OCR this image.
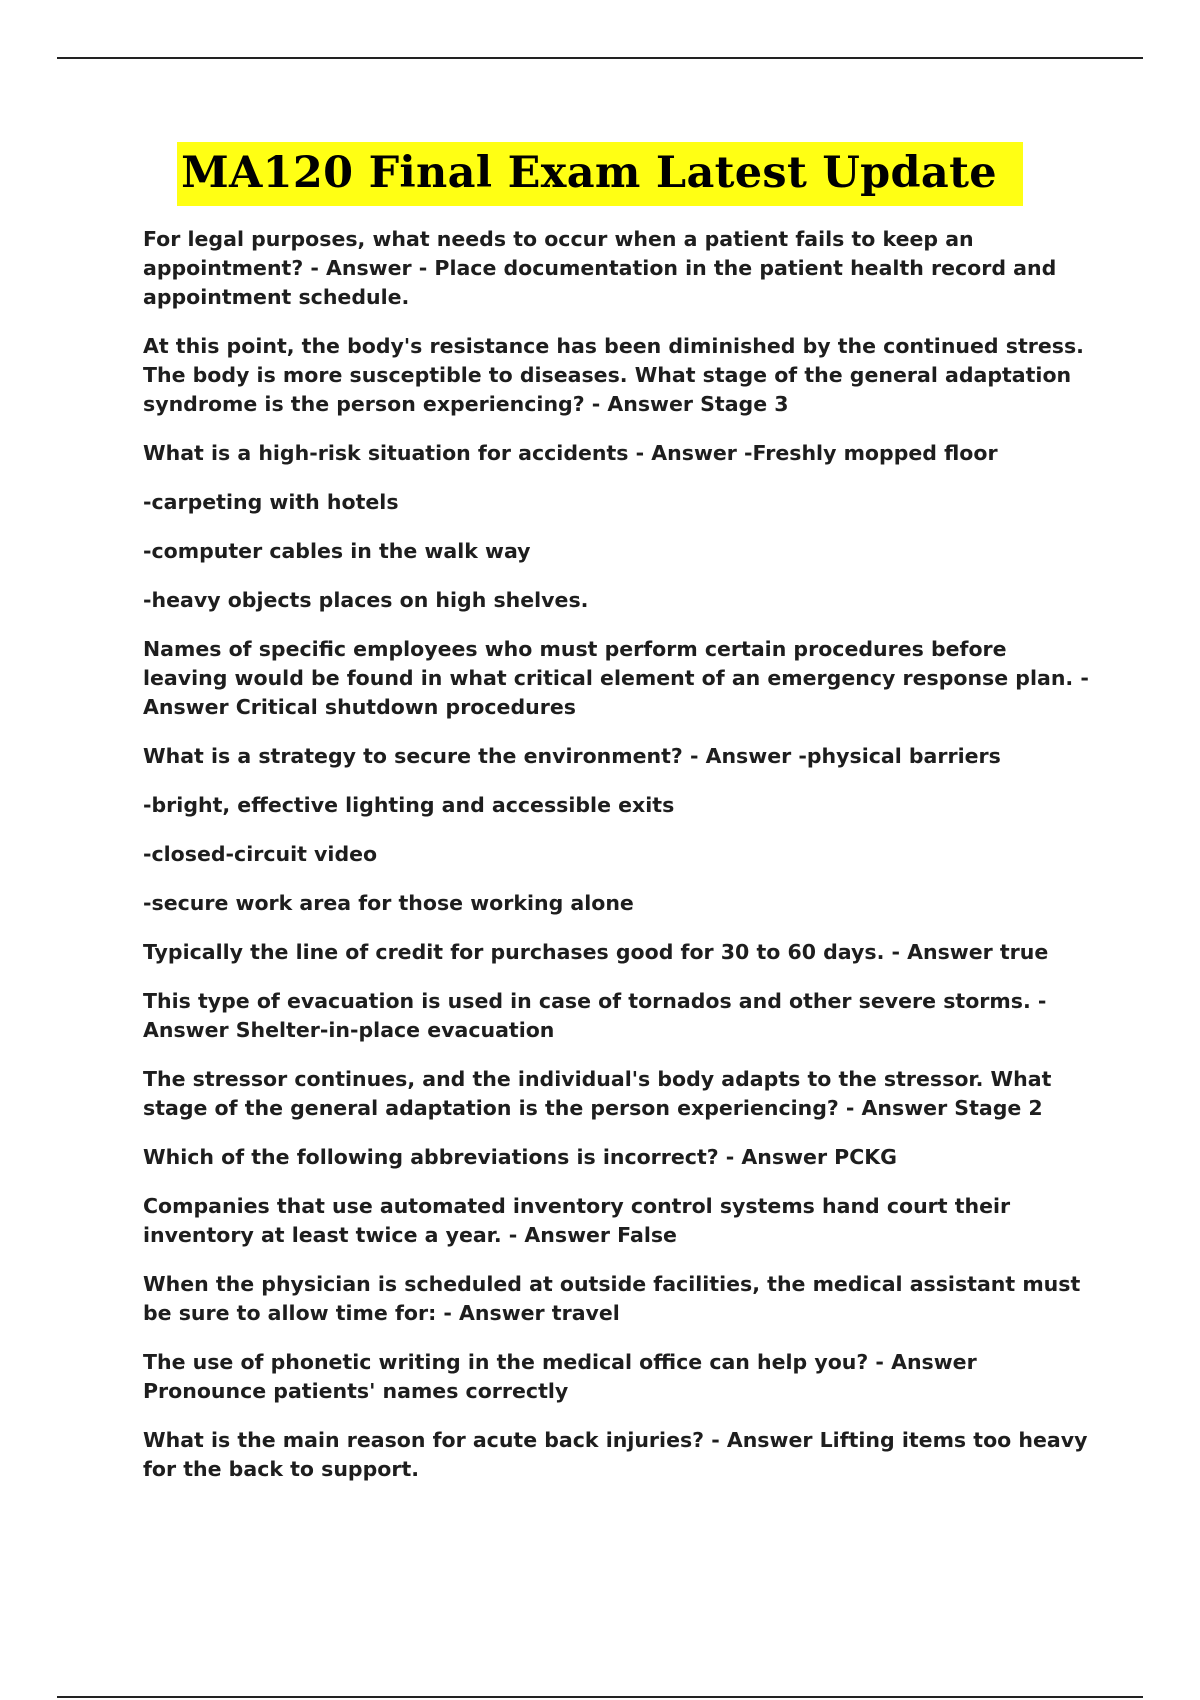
MA120 Final Exam Latest Update

For legal purposes, what needs to occur when a patient fails to keep an appointment? - Answer - Place documentation in the patient health record and appointment schedule.

At this point, the body's resistance has been diminished by the continued stress. The body is more susceptible to diseases. What stage of the general adaptation syndrome is the person experiencing? - Answer Stage 3

What is a high-risk situation for accidents - Answer -Freshly mopped floor

-carpeting with hotels

-computer cables in the walk way

-heavy objects places on high shelves.

Names of specific employees who must perform certain procedures before leaving would be found in what critical element of an emergency response plan. - Answer Critical shutdown procedures

What is a strategy to secure the environment? - Answer -physical barriers

-bright, effective lighting and accessible exits

-closed-circuit video

-secure work area for those working alone

Typically the line of credit for purchases good for 30 to 60 days. - Answer true

This type of evacuation is used in case of tornados and other severe storms. - Answer Shelter-in-place evacuation

The stressor continues, and the individual's body adapts to the stressor. What stage of the general adaptation is the person experiencing? - Answer Stage 2

Which of the following abbreviations is incorrect? - Answer PCKG

Companies that use automated inventory control systems hand court their inventory at least twice a year. - Answer False

When the physician is scheduled at outside facilities, the medical assistant must be sure to allow time for: - Answer travel

The use of phonetic writing in the medical office can help you? - Answer Pronounce patients' names correctly

What is the main reason for acute back injuries? - Answer Lifting items too heavy for the back to support.
